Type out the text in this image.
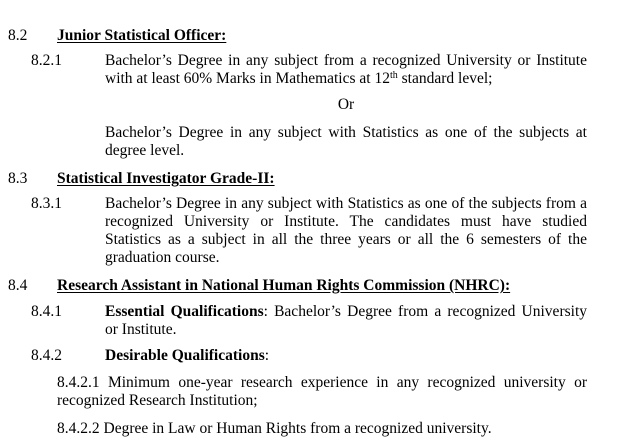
8.2 Junior Statistical Officer:
8.2.1	Bachelor’s Degree in any subject from a recognized University or Institute with at least 60% Marks in Mathematics at 12th standard level;
Or
Bachelor’s Degree in any subject with Statistics as one of the subjects at degree level.
8.3 Statistical Investigator Grade-II:
8.3.1	Bachelor’s Degree in any subject with Statistics as one of the subjects from a recognized University or Institute. The candidates must have studied Statistics as a subject in all the three years or all the 6 semesters of the graduation course.
8.4 Research Assistant in National Human Rights Commission (NHRC):
8.4.1	Essential Qualifications: Bachelor’s Degree from a recognized University or Institute.
8.4.2	Desirable Qualifications:
8.4.2.1 Minimum one-year research experience in any recognized university or recognized Research Institution;
8.4.2.2 Degree in Law or Human Rights from a recognized university.
